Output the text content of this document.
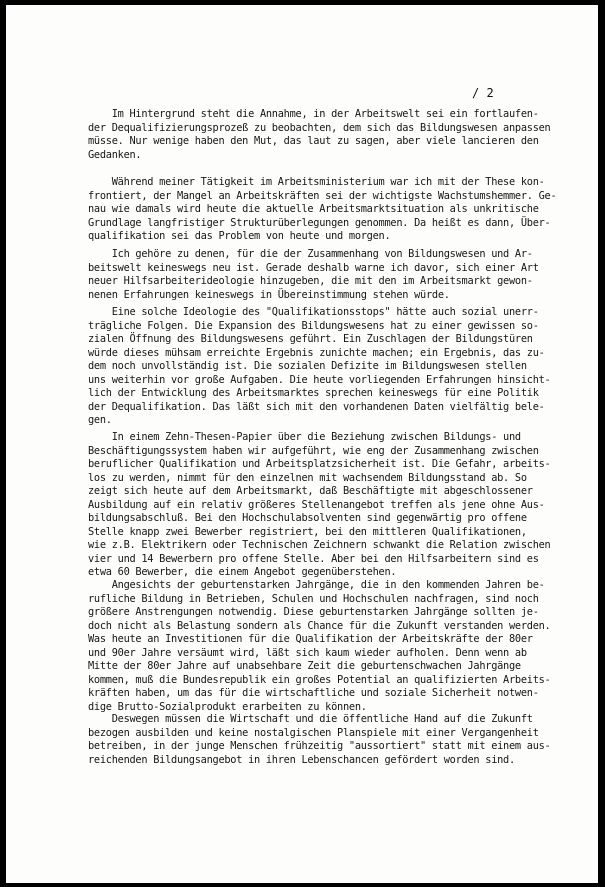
/ 2
Im Hintergrund steht die Annahme, in der Arbeitswelt sei ein fortlaufen-
der Dequalifizierungsprozeß zu beobachten, dem sich das Bildungswesen anpassen
müsse. Nur wenige haben den Mut, das laut zu sagen, aber viele lancieren den
Gedanken.
Während meiner Tätigkeit im Arbeitsministerium war ich mit der These kon-
frontiert, der Mangel an Arbeitskräften sei der wichtigste Wachstumshemmer. Ge-
nau wie damals wird heute die aktuelle Arbeitsmarktsituation als unkritische
Grundlage langfristiger Strukturüberlegungen genommen. Da heißt es dann, Über-
qualifikation sei das Problem von heute und morgen.
Ich gehöre zu denen, für die der Zusammenhang von Bildungswesen und Ar-
beitswelt keineswegs neu ist. Gerade deshalb warne ich davor, sich einer Art
neuer Hilfsarbeiterideologie hinzugeben, die mit den im Arbeitsmarkt gewon-
nenen Erfahrungen keineswegs in Übereinstimmung stehen würde.
Eine solche Ideologie des "Qualifikationsstops" hätte auch sozial unerr-
trägliche Folgen. Die Expansion des Bildungswesens hat zu einer gewissen so-
zialen Öffnung des Bildungswesens geführt. Ein Zuschlagen der Bildungstüren
würde dieses mühsam erreichte Ergebnis zunichte machen; ein Ergebnis, das zu-
dem noch unvollständig ist. Die sozialen Defizite im Bildungswesen stellen
uns weiterhin vor große Aufgaben. Die heute vorliegenden Erfahrungen hinsicht-
lich der Entwicklung des Arbeitsmarktes sprechen keineswegs für eine Politik
der Dequalifikation. Das läßt sich mit den vorhandenen Daten vielfältig bele-
gen.
In einem Zehn-Thesen-Papier über die Beziehung zwischen Bildungs- und
Beschäftigungssystem haben wir aufgeführt, wie eng der Zusammenhang zwischen
beruflicher Qualifikation und Arbeitsplatzsicherheit ist. Die Gefahr, arbeits-
los zu werden, nimmt für den einzelnen mit wachsendem Bildungsstand ab. So
zeigt sich heute auf dem Arbeitsmarkt, daß Beschäftigte mit abgeschlossener
Ausbildung auf ein relativ größeres Stellenangebot treffen als jene ohne Aus-
bildungsabschluß. Bei den Hochschulabsolventen sind gegenwärtig pro offene
Stelle knapp zwei Bewerber registriert, bei den mittleren Qualifikationen,
wie z.B. Elektrikern oder Technischen Zeichnern schwankt die Relation zwischen
vier und 14 Bewerbern pro offene Stelle. Aber bei den Hilfsarbeitern sind es
etwa 60 Bewerber, die einem Angebot gegenüberstehen.
Angesichts der geburtenstarken Jahrgänge, die in den kommenden Jahren be-
rufliche Bildung in Betrieben, Schulen und Hochschulen nachfragen, sind noch
größere Anstrengungen notwendig. Diese geburtenstarken Jahrgänge sollten je-
doch nicht als Belastung sondern als Chance für die Zukunft verstanden werden.
Was heute an Investitionen für die Qualifikation der Arbeitskräfte der 80er
und 90er Jahre versäumt wird, läßt sich kaum wieder aufholen. Denn wenn ab
Mitte der 80er Jahre auf unabsehbare Zeit die geburtenschwachen Jahrgänge
kommen, muß die Bundesrepublik ein großes Potential an qualifizierten Arbeits-
kräften haben, um das für die wirtschaftliche und soziale Sicherheit notwen-
dige Brutto-Sozialprodukt erarbeiten zu können.
Deswegen müssen die Wirtschaft und die öffentliche Hand auf die Zukunft
bezogen ausbilden und keine nostalgischen Planspiele mit einer Vergangenheit
betreiben, in der junge Menschen frühzeitig "aussortiert" statt mit einem aus-
reichenden Bildungsangebot in ihren Lebenschancen gefördert worden sind.
